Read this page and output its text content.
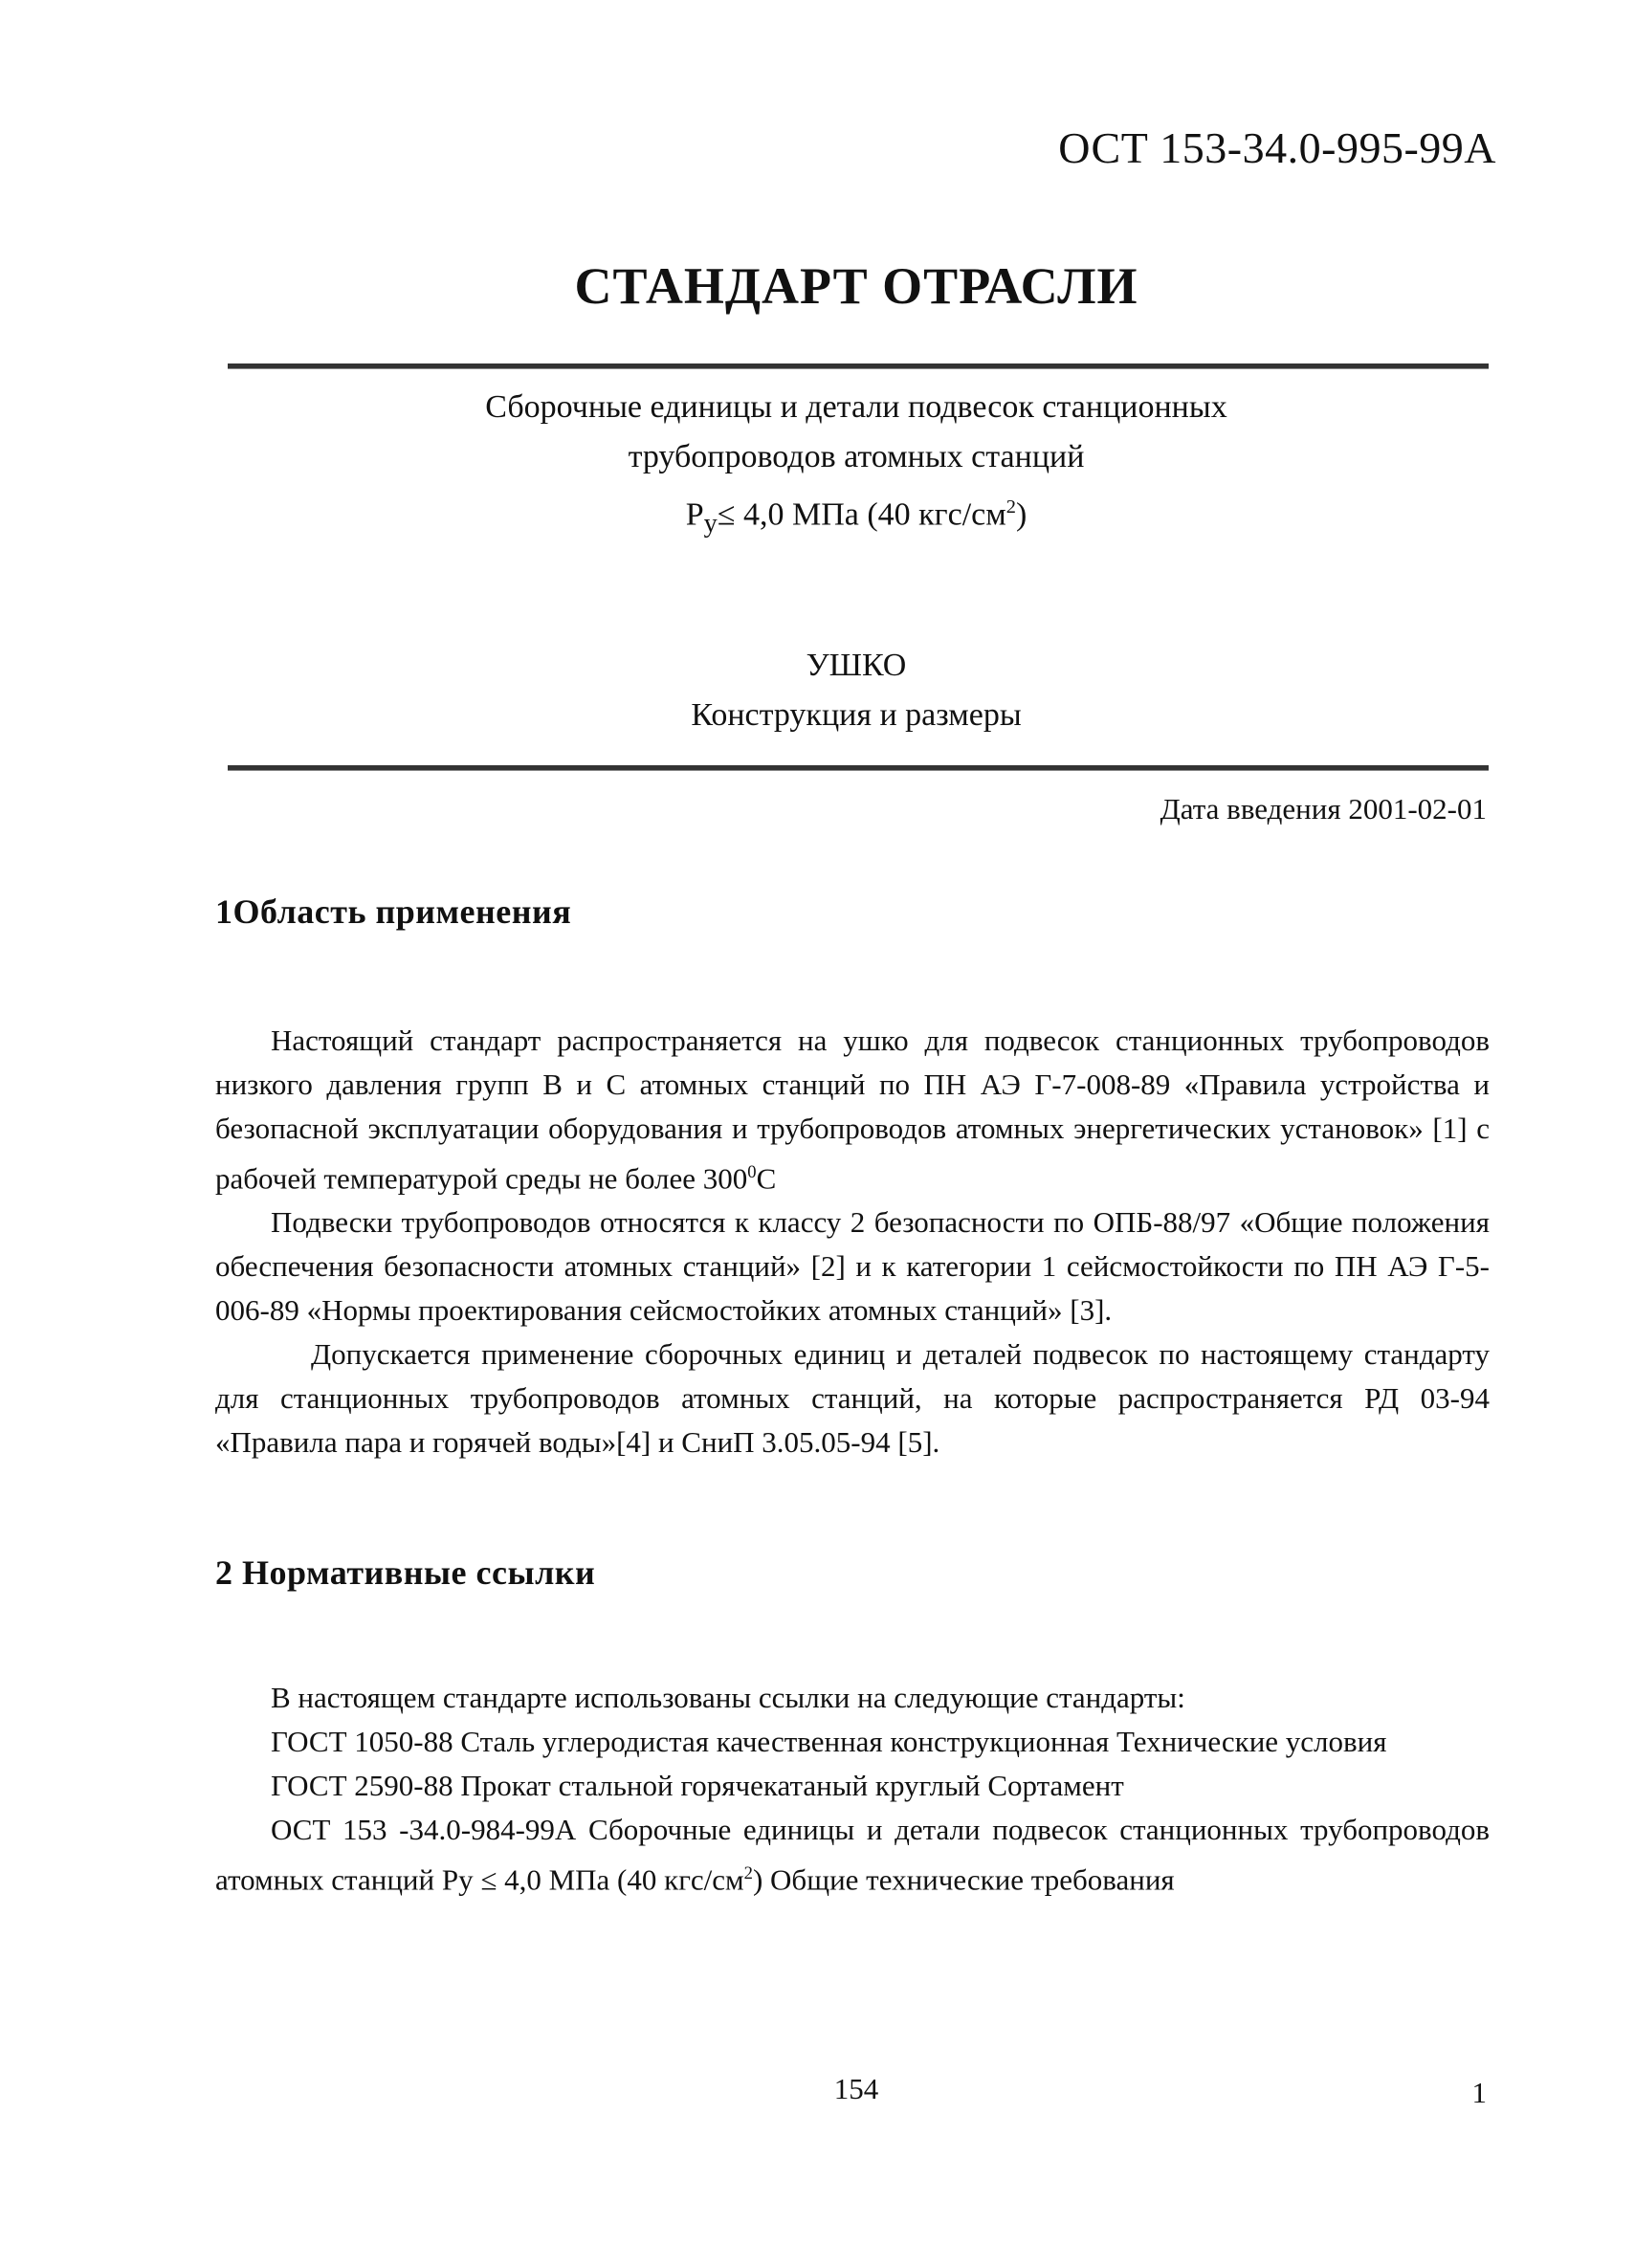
ОСТ 153-34.0-995-99А
СТАНДАРТ ОТРАСЛИ
Сборочные единицы и детали подвесок станционных
трубопроводов атомных станций
$Р_у\le 4,0$ МПа (40 кгс/$см^2$)
УШКО
Конструкция и размеры
Дата введения 2001-02-01
1Область применения

Настоящий стандарт распространяется на ушко для подвесок станционных трубопроводов низкого давления групп В и С атомных станций по ПН АЭ Г-7-008-89 «Правила устройства и безопасной эксплуатации оборудования и трубопроводов атомных энергетических установок» [1] с рабочей температурой среды не более $300^0С$

Подвески трубопроводов относятся к классу 2 безопасности по ОПБ-88/97 «Общие положения обеспечения безопасности атомных станций» [2] и к категории 1 сейсмостойкости по ПН АЭ Г-5-006-89 «Нормы проектирования сейсмостойких атомных станций» [3].

Допускается применение сборочных единиц и деталей подвесок по настоящему стандарту для станционных трубопроводов атомных станций, на которые распространяется РД 03-94 «Правила пара и горячей воды»[4] и СниП 3.05.05-94 [5].

2 Нормативные ссылки
В настоящем стандарте использованы ссылки на следующие стандарты:
ГОСТ 1050-88 Сталь углеродистая качественная конструкционная Технические условия
ГОСТ 2590-88 Прокат стальной горячекатаный круглый Сортамент
ОСТ 153 -34.0-984-99А Сборочные единицы и детали подвесок станционных трубопроводов атомных станций Ру ≤ 4,0 МПа (40 кгс/$см^2$) Общие технические требования
154	1
